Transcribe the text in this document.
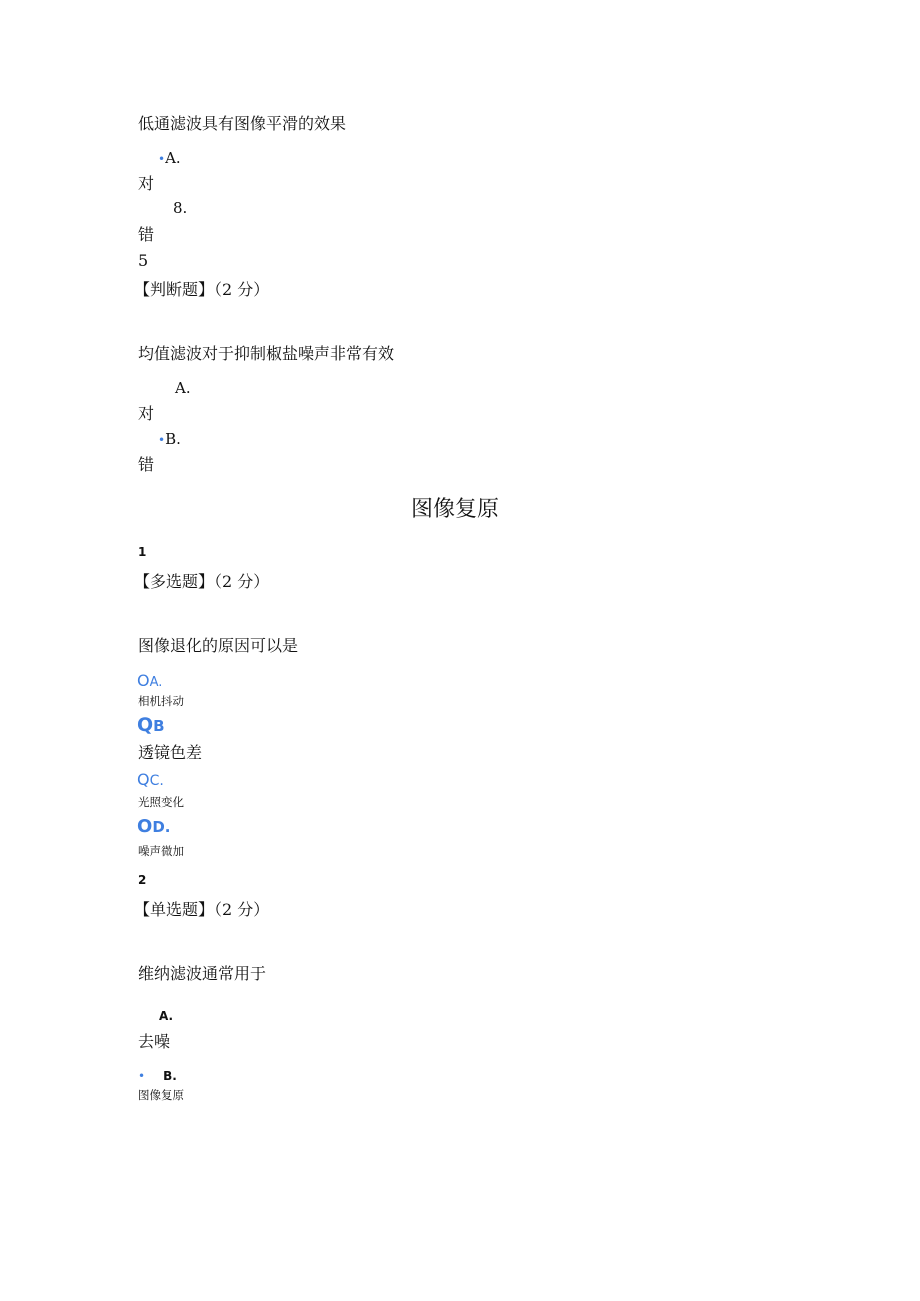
低通滤波具有图像平滑的效果
•A.
对
8.
错
5
【判断题】（2 分）
均值滤波对于抑制椒盐噪声非常有效
A.
对
•B.
错
图像复原
1
【多选题】（2 分）
图像退化的原因可以是
OA.
相机抖动
QB
透镜色差
QC.
光照变化
OD.
噪声微加
2
【单选题】（2 分）
维纳滤波通常用于
A.
去噪
• B.
图像复原
